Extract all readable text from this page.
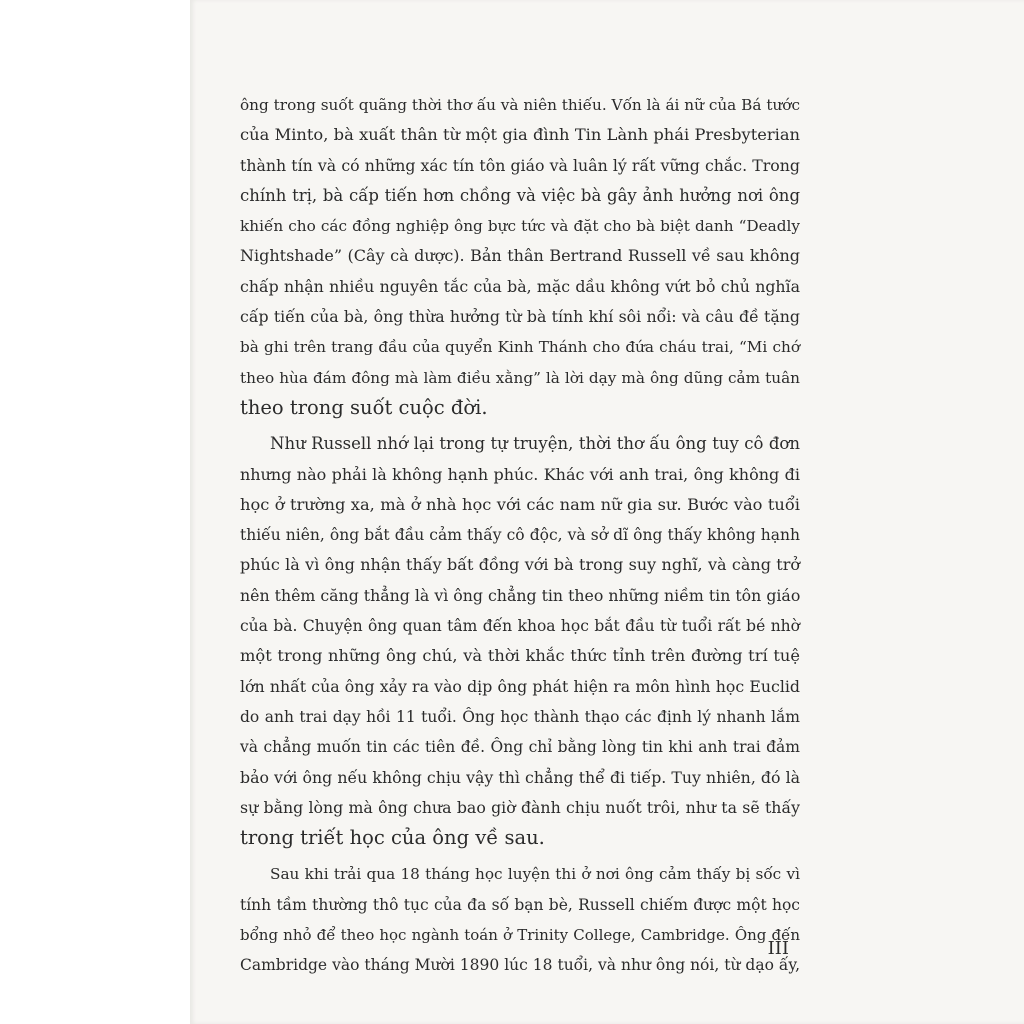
ông trong suốt quãng thời thơ ấu và niên thiếu. Vốn là ái nữ của Bá tước
của Minto, bà xuất thân từ một gia đình Tin Lành phái Presbyterian
thành tín và có những xác tín tôn giáo và luân lý rất vững chắc. Trong
chính trị, bà cấp tiến hơn chồng và việc bà gây ảnh hưởng nơi ông
khiến cho các đồng nghiệp ông bực tức và đặt cho bà biệt danh “Deadly
Nightshade” (Cây cà dược). Bản thân Bertrand Russell về sau không
chấp nhận nhiều nguyên tắc của bà, mặc dầu không vứt bỏ chủ nghĩa
cấp tiến của bà, ông thừa hưởng từ bà tính khí sôi nổi: và câu đề tặng
bà ghi trên trang đầu của quyển Kinh Thánh cho đứa cháu trai, “Mi chớ
theo hùa đám đông mà làm điều xằng” là lời dạy mà ông dũng cảm tuân
theo trong suốt cuộc đời.
Như Russell nhớ lại trong tự truyện, thời thơ ấu ông tuy cô đơn
nhưng nào phải là không hạnh phúc. Khác với anh trai, ông không đi
học ở trường xa, mà ở nhà học với các nam nữ gia sư. Bước vào tuổi
thiếu niên, ông bắt đầu cảm thấy cô độc, và sở dĩ ông thấy không hạnh
phúc là vì ông nhận thấy bất đồng với bà trong suy nghĩ, và càng trở
nên thêm căng thẳng là vì ông chẳng tin theo những niềm tin tôn giáo
của bà. Chuyện ông quan tâm đến khoa học bắt đầu từ tuổi rất bé nhờ
một trong những ông chú, và thời khắc thức tỉnh trên đường trí tuệ
lớn nhất của ông xảy ra vào dịp ông phát hiện ra môn hình học Euclid
do anh trai dạy hồi 11 tuổi. Ông học thành thạo các định lý nhanh lắm
và chẳng muốn tin các tiên đề. Ông chỉ bằng lòng tin khi anh trai đảm
bảo với ông nếu không chịu vậy thì chẳng thể đi tiếp. Tuy nhiên, đó là
sự bằng lòng mà ông chưa bao giờ đành chịu nuốt trôi, như ta sẽ thấy
trong triết học của ông về sau.
Sau khi trải qua 18 tháng học luyện thi ở nơi ông cảm thấy bị sốc vì
tính tầm thường thô tục của đa số bạn bè, Russell chiếm được một học
bổng nhỏ để theo học ngành toán ở Trinity College, Cambridge. Ông đến
Cambridge vào tháng Mười 1890 lúc 18 tuổi, và như ông nói, từ dạo ấy,
III
